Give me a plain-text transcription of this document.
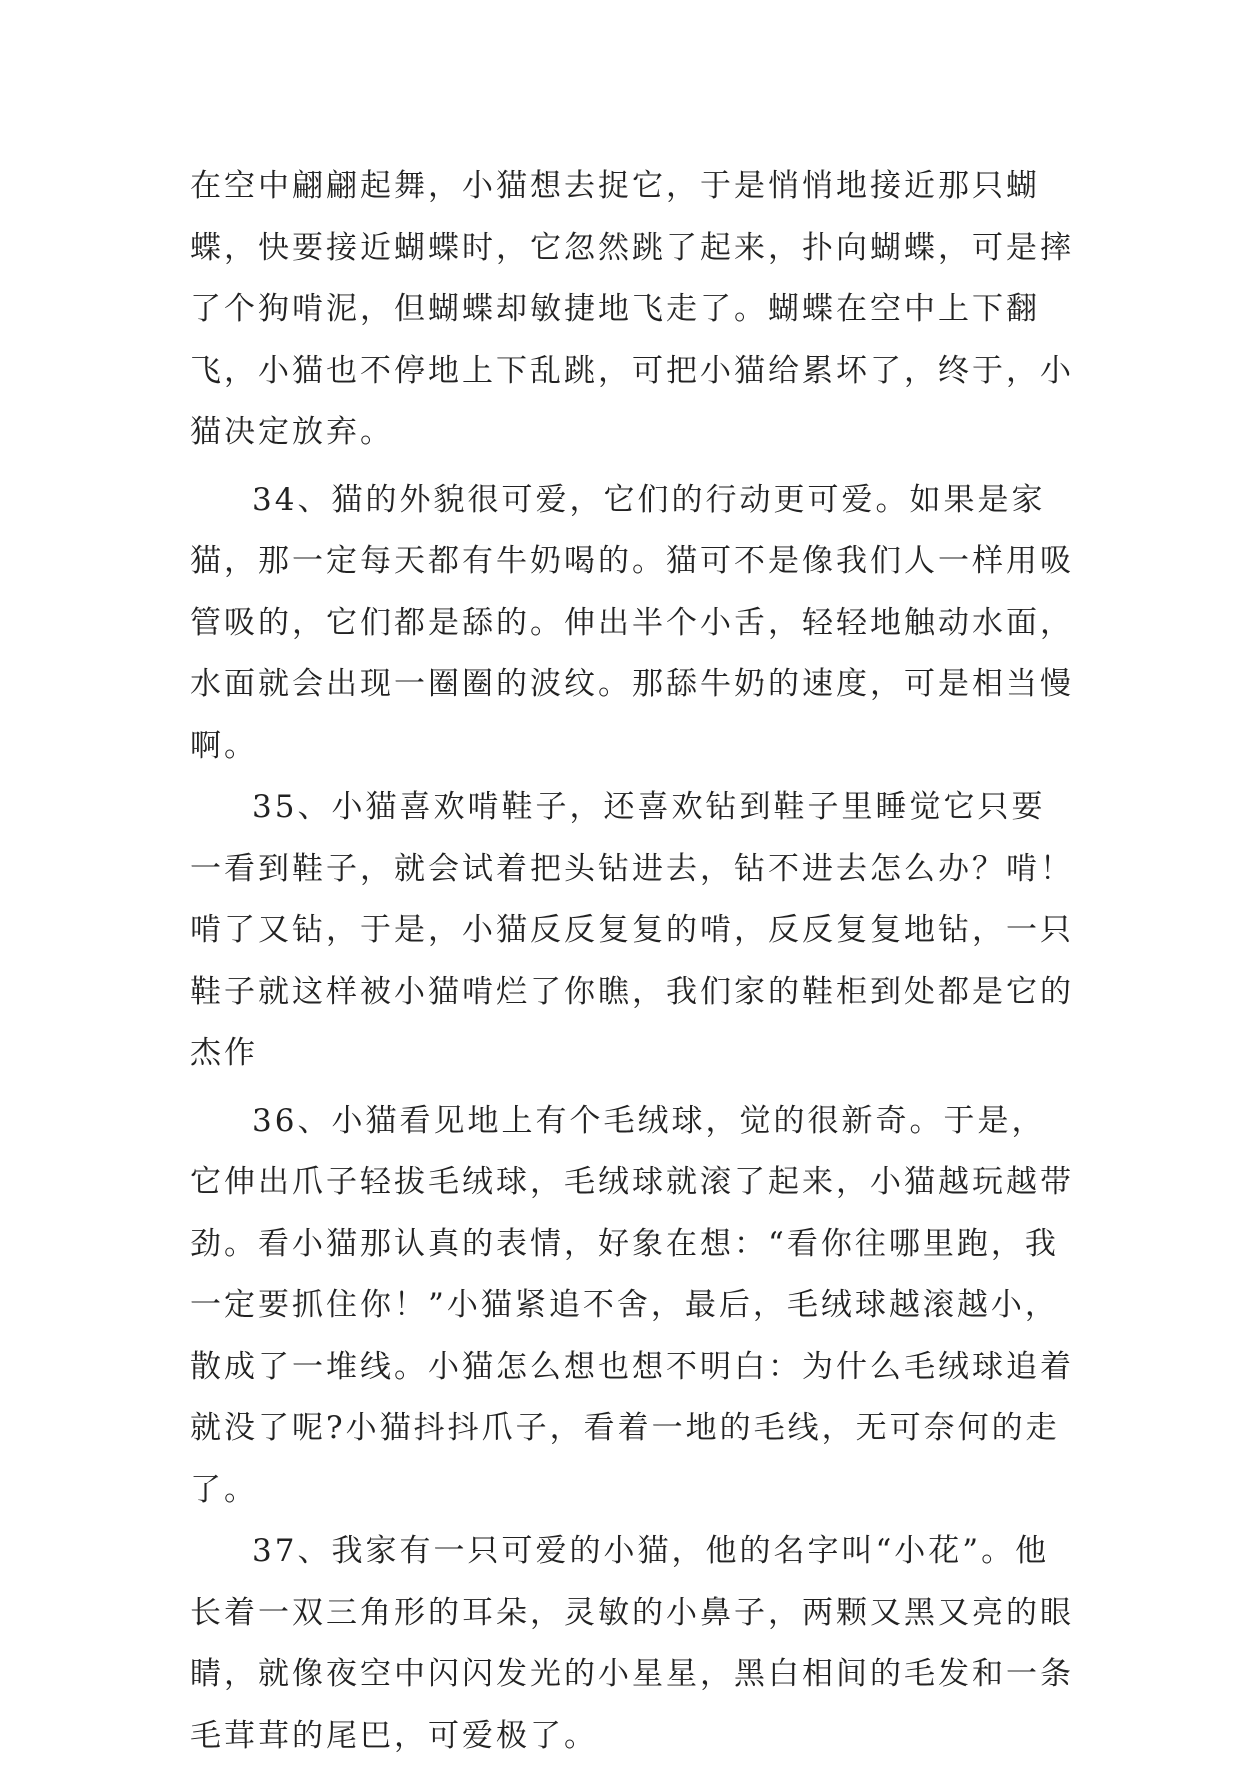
在空中翩翩起舞，小猫想去捉它，于是悄悄地接近那只蝴蝶，快要接近蝴蝶时，它忽然跳了起来，扑向蝴蝶，可是摔了个狗啃泥，但蝴蝶却敏捷地飞走了。蝴蝶在空中上下翻飞，小猫也不停地上下乱跳，可把小猫给累坏了，终于，小猫决定放弃。

34、猫的外貌很可爱，它们的行动更可爱。如果是家猫，那一定每天都有牛奶喝的。猫可不是像我们人一样用吸管吸的，它们都是舔的。伸出半个小舌，轻轻地触动水面，水面就会出现一圈圈的波纹。那舔牛奶的速度，可是相当慢啊。

35、小猫喜欢啃鞋子，还喜欢钻到鞋子里睡觉它只要一看到鞋子，就会试着把头钻进去，钻不进去怎么办？啃！啃了又钻，于是，小猫反反复复的啃，反反复复地钻，一只鞋子就这样被小猫啃烂了你瞧，我们家的鞋柜到处都是它的杰作

36、小猫看见地上有个毛绒球，觉的很新奇。于是，它伸出爪子轻拔毛绒球，毛绒球就滚了起来，小猫越玩越带劲。看小猫那认真的表情，好象在想：“看你往哪里跑，我一定要抓住你！”小猫紧追不舍，最后，毛绒球越滚越小，散成了一堆线。小猫怎么想也想不明白：为什么毛绒球追着就没了呢?小猫抖抖爪子，看着一地的毛线，无可奈何的走了。

37、我家有一只可爱的小猫，他的名字叫“小花”。他长着一双三角形的耳朵，灵敏的小鼻子，两颗又黑又亮的眼睛，就像夜空中闪闪发光的小星星，黑白相间的毛发和一条毛茸茸的尾巴，可爱极了。
